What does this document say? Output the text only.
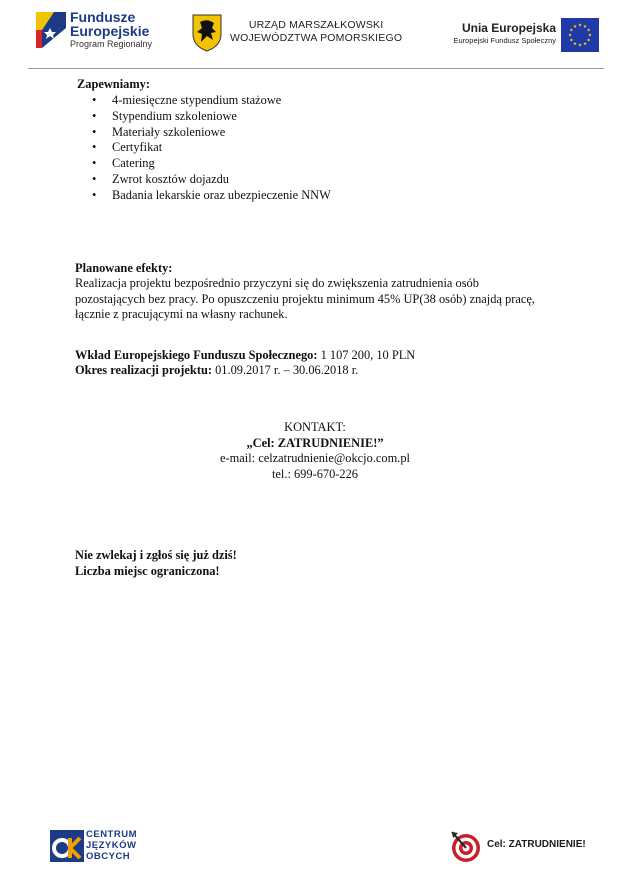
Fundusze
Europejskie
Program Regionalny
URZĄD MARSZAŁKOWSKI
WOJEWÓDZTWA POMORSKIEGO
Unia Europejska
Europejski Fundusz Społeczny
Zapewniamy:
• 4-miesięczne stypendium stażowe
• Stypendium szkoleniowe
• Materiały szkoleniowe
• Certyfikat
• Catering
• Zwrot kosztów dojazdu
• Badania lekarskie oraz ubezpieczenie NNW
Planowane efekty:
Realizacja projektu bezpośrednio przyczyni się do zwiększenia zatrudnienia osób
pozostających bez pracy. Po opuszczeniu projektu minimum 45% UP(38 osób) znajdą pracę,
łącznie z pracującymi na własny rachunek.
Wkład Europejskiego Funduszu Społecznego: 1 107 200, 10 PLN
Okres realizacji projektu: 01.09.2017 r. – 30.06.2018 r.
KONTAKT:
„Cel: ZATRUDNIENIE!”
e-mail: celzatrudnienie@okcjo.com.pl
tel.: 699-670-226
Nie zwlekaj i zgłoś się już dziś!
Liczba miejsc ograniczona!
CENTRUM
JĘZYKÓW
OBCYCH
Cel: ZATRUDNIENIE!
